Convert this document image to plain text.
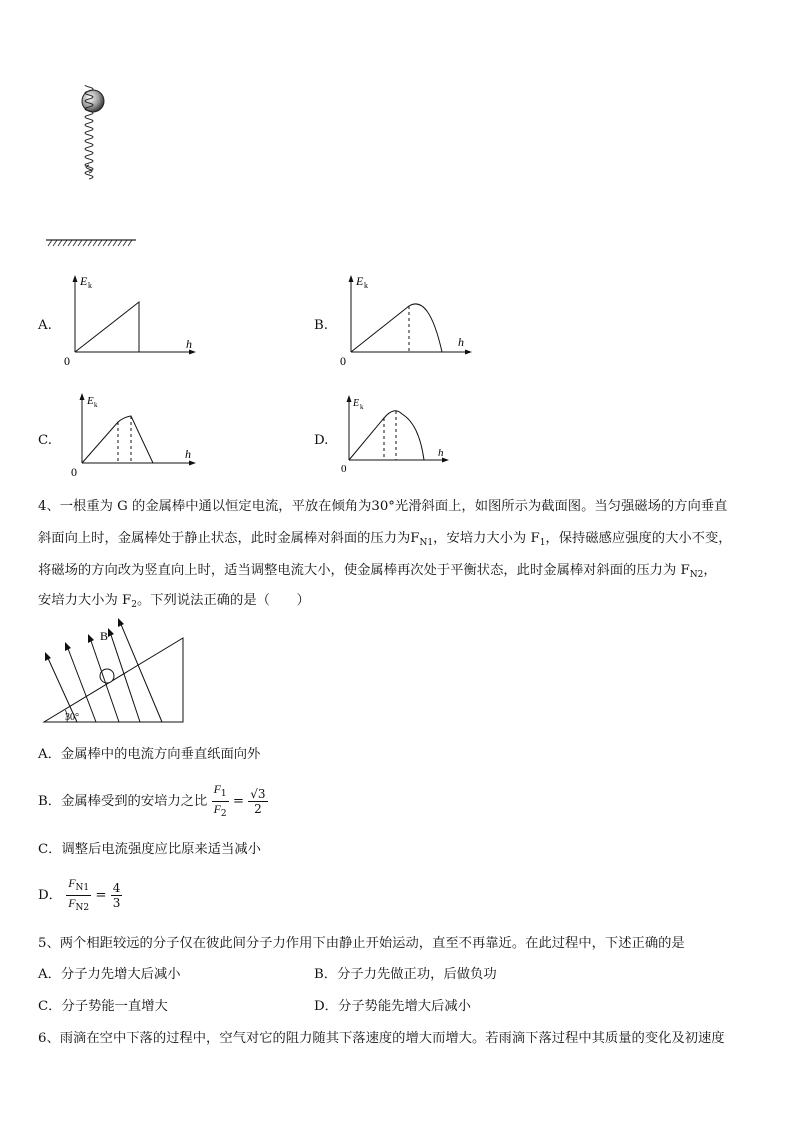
A.	B.
C.	D.
E k
h
0
E k
h
0
E k
h
0
E k
h
0
4、一根重为 G 的金属棒中通以恒定电流，平放在倾角为30°光滑斜面上，如图所示为截面图。当匀强磁场的方向垂直
斜面向上时，金属棒处于静止状态，此时金属棒对斜面的压力为$F_{N1}$，安培力大小为 $F_1$，保持磁感应强度的大小不变，
将磁场的方向改为竖直向上时，适当调整电流大小，使金属棒再次处于平衡状态，此时金属棒对斜面的压力为 $F_{N2}$，
安培力大小为 $F_2$。下列说法正确的是（　　）
30°
B
A．金属棒中的电流方向垂直纸面向外
B．金属棒受到的安培力之比 $\frac{F_1}{F_2} = \frac{√3}{2}$
C．调整后电流强度应比原来适当减小
D． $\frac{F_{N1}}{F_{N2}} = \frac{4}{3}$
5、两个相距较远的分子仅在彼此间分子力作用下由静止开始运动，直至不再靠近。在此过程中，下述正确的是
A．分子力先增大后减小	B．分子力先做正功，后做负功
C．分子势能一直增大	D．分子势能先增大后减小
6、雨滴在空中下落的过程中，空气对它的阻力随其下落速度的增大而增大。若雨滴下落过程中其质量的变化及初速度
